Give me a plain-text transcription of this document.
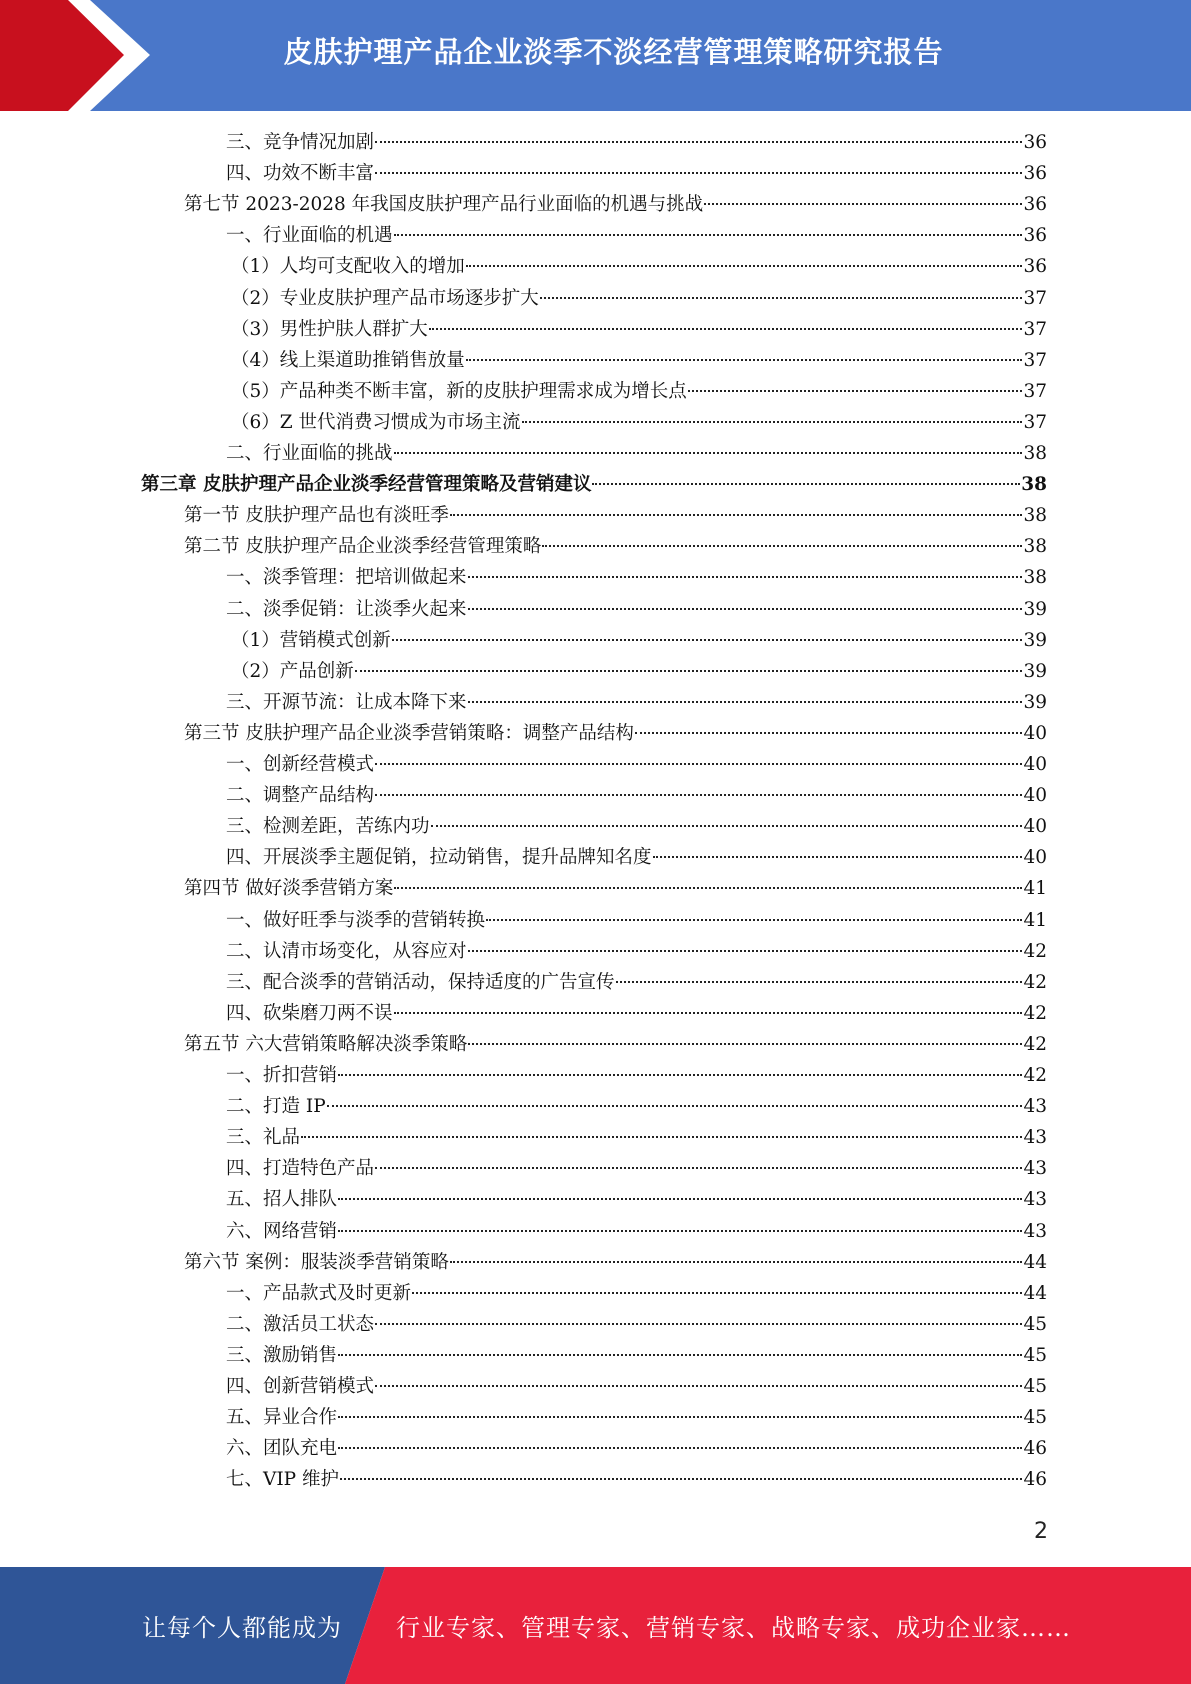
皮肤护理产品企业淡季不淡经营管理策略研究报告
三、竞争情况加剧	36
四、功效不断丰富	36
第七节 2023-2028 年我国皮肤护理产品行业面临的机遇与挑战	36
一、行业面临的机遇	36
（1）人均可支配收入的增加	36
（2）专业皮肤护理产品市场逐步扩大	37
（3）男性护肤人群扩大	37
（4）线上渠道助推销售放量	37
（5）产品种类不断丰富，新的皮肤护理需求成为增长点	37
（6）Z 世代消费习惯成为市场主流	37
二、行业面临的挑战	38
第三章 皮肤护理产品企业淡季经营管理策略及营销建议	38
第一节 皮肤护理产品也有淡旺季	38
第二节 皮肤护理产品企业淡季经营管理策略	38
一、淡季管理：把培训做起来	38
二、淡季促销：让淡季火起来	39
（1）营销模式创新	39
（2）产品创新	39
三、开源节流：让成本降下来	39
第三节 皮肤护理产品企业淡季营销策略：调整产品结构	40
一、创新经营模式	40
二、调整产品结构	40
三、检测差距，苦练内功	40
四、开展淡季主题促销，拉动销售，提升品牌知名度	40
第四节 做好淡季营销方案	41
一、做好旺季与淡季的营销转换	41
二、认清市场变化，从容应对	42
三、配合淡季的营销活动，保持适度的广告宣传	42
四、砍柴磨刀两不误	42
第五节 六大营销策略解决淡季策略	42
一、折扣营销	42
二、打造 IP	43
三、礼品	43
四、打造特色产品	43
五、招人排队	43
六、网络营销	43
第六节 案例：服装淡季营销策略	44
一、产品款式及时更新	44
二、激活员工状态	45
三、激励销售	45
四、创新营销模式	45
五、异业合作	45
六、团队充电	46
七、VIP 维护	46
2
让每个人都能成为 行业专家、管理专家、营销专家、战略专家、成功企业家……
